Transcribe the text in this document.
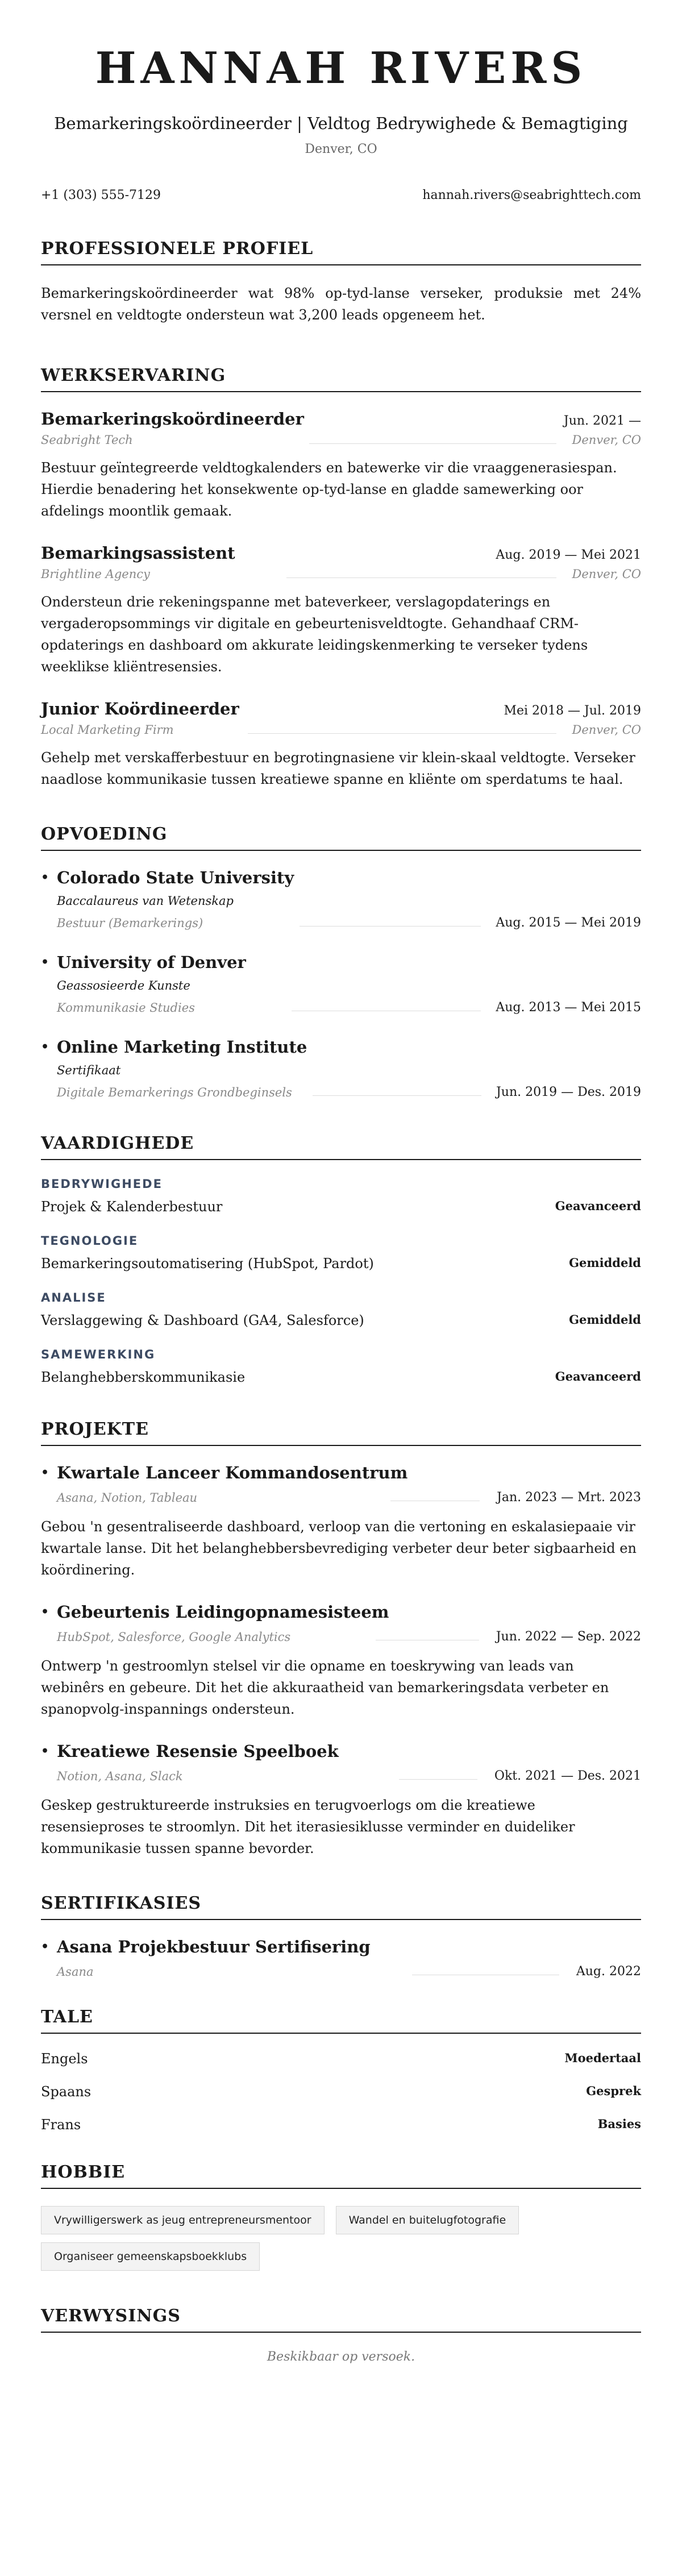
HANNAH RIVERS
Bemarkeringskoördineerder | Veldtog Bedrywighede & Bemagtiging
Denver, CO
+1 (303) 555-7129	hannah.rivers@seabrighttech.com
PROFESSIONELE PROFIEL

Bemarkeringskoördineerder wat 98% op-tyd-lanse verseker, produksie met 24% versnel en veldtogte ondersteun wat 3,200 leads opgeneem het.

WERKSERVARING
Bemarkeringskoördineerder	Jun. 2021 —
Seabright Tech	Denver, CO

Bestuur geïntegreerde veldtogkalenders en batewerke vir die vraaggenerasiespan. Hierdie benadering het konsekwente op-tyd-lanse en gladde samewerking oor afdelings moontlik gemaak.

Bemarkingsassistent	Aug. 2019 — Mei 2021
Brightline Agency	Denver, CO

Ondersteun drie rekeningspanne met bateverkeer, verslagopdaterings en vergaderopsommings vir digitale en gebeurtenisveldtogte. Gehandhaaf CRM-opdaterings en dashboard om akkurate leidingskenmerking te verseker tydens weeklikse kliëntresensies.

Junior Koördineerder	Mei 2018 — Jul. 2019
Local Marketing Firm	Denver, CO

Gehelp met verskafferbestuur en begrotingnasiene vir klein-skaal veldtogte. Verseker naadlose kommunikasie tussen kreatiewe spanne en kliënte om sperdatums te haal.

OPVOEDING
• Colorado State University
Baccalaureus van Wetenskap
Bestuur (Bemarkerings)	Aug. 2015 — Mei 2019
• University of Denver
Geassosieerde Kunste
Kommunikasie Studies	Aug. 2013 — Mei 2015
• Online Marketing Institute
Sertifikaat
Digitale Bemarkerings Grondbeginsels	Jun. 2019 — Des. 2019
VAARDIGHEDE
BEDRYWIGHEDE
Projek & Kalenderbestuur	Geavanceerd
TEGNOLOGIE
Bemarkeringsoutomatisering (HubSpot, Pardot)	Gemiddeld
ANALISE
Verslaggewing & Dashboard (GA4, Salesforce)	Gemiddeld
SAMEWERKING
Belanghebberskommunikasie	Geavanceerd
PROJEKTE
• Kwartale Lanceer Kommandosentrum
Asana, Notion, Tableau	Jan. 2023 — Mrt. 2023

Gebou 'n gesentraliseerde dashboard, verloop van die vertoning en eskalasiepaaie vir kwartale lanse. Dit het belanghebbersbevrediging verbeter deur beter sigbaarheid en koördinering.

• Gebeurtenis Leidingopnamesisteem
HubSpot, Salesforce, Google Analytics	Jun. 2022 — Sep. 2022

Ontwerp 'n gestroomlyn stelsel vir die opname en toeskrywing van leads van webinêrs en gebeure. Dit het die akkuraatheid van bemarkeringsdata verbeter en spanopvolg-inspannings ondersteun.

• Kreatiewe Resensie Speelboek
Notion, Asana, Slack	Okt. 2021 — Des. 2021

Geskep gestruktureerde instruksies en terugvoerlogs om die kreatiewe resensieproses te stroomlyn. Dit het iterasiesiklusse verminder en duideliker kommunikasie tussen spanne bevorder.

SERTIFIKASIES
• Asana Projekbestuur Sertifisering
Asana	Aug. 2022
TALE
Engels	Moedertaal
Spaans	Gesprek
Frans	Basies
HOBBIE
Vrywilligerswerk as jeug entrepreneursmentoor	Wandel en buitelugfotografie
Organiseer gemeenskapsboekklubs
VERWYSINGS
Beskikbaar op versoek.
